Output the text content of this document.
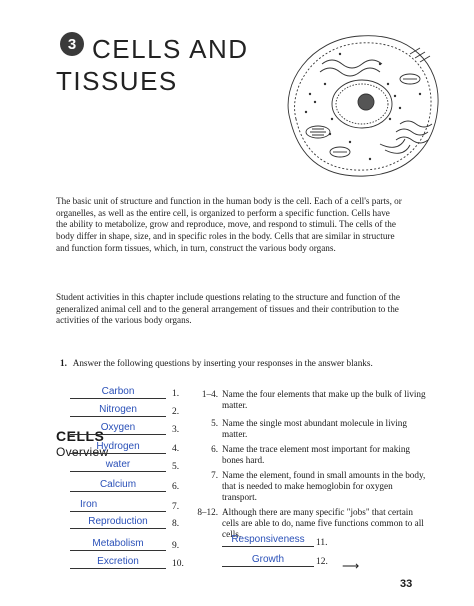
3 CELLS AND
TISSUES

The basic unit of structure and function in the human body is the cell. Each of a cell's parts, or organelles, as well as the entire cell, is organized to perform a specific function. Cells have the ability to metabolize, grow and reproduce, move, and respond to stimuli. The cells of the body differ in shape, size, and in specific roles in the body. Cells that are similar in structure and function form tissues, which, in turn, construct the various body organs.

Student activities in this chapter include questions relating to the structure and function of the generalized animal cell and to the general arrangement of tissues and their contribution to the activities of the various body organs.

CELLS
Overview
1. Answer the following questions by inserting your responses in the answer blanks.
Carbon	1.
Nitrogen	2.
Oxygen	3.
Hydrogen	4.
water	5.
Calcium	6.
Iron	7.
Reproduction	8.
Metabolism	9.
Excretion	10.
1–4. Name the four elements that make up the bulk of living matter.

5. Name the single most abundant molecule in living matter.

6. Name the trace element most important for making bones hard.

7. Name the element, found in small amounts in the body, that is needed to make hemoglobin for oxygen transport.

8–12. Although there are many specific "jobs" that certain cells are able to do, name five functions common to all cells.

Responsiveness	11.
Growth	12. ⟶
33
